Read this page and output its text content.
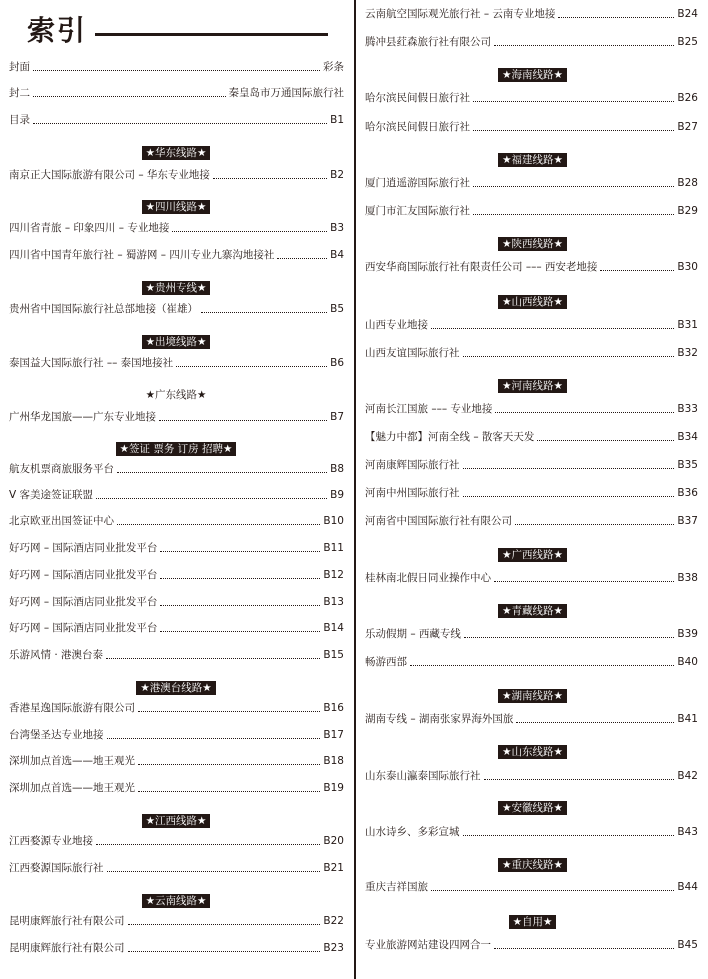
索引
封面	彩条
封二	秦皇岛市万通国际旅行社
目录	B1
★华东线路★
南京正大国际旅游有限公司 – 华东专业地接	B2
★四川线路★
四川省青旅 – 印象四川 – 专业地接	B3
四川省中国青年旅行社 – 蜀游网 – 四川专业九寨沟地接社	B4
★贵州专线★
贵州省中国国际旅行社总部地接（崔雄）	B5
★出境线路★
泰国益大国际旅行社 –– 泰国地接社	B6
★广东线路★
广州华龙国旅——广东专业地接	B7
★签证 票务 订房 招聘★
航友机票商旅服务平台	B8
V 客美途签证联盟	B9
北京欧亚出国签证中心	B10
好巧网 – 国际酒店同业批发平台	B11
好巧网 – 国际酒店同业批发平台	B12
好巧网 – 国际酒店同业批发平台	B13
好巧网 – 国际酒店同业批发平台	B14
乐游风情 · 港澳台泰	B15
★港澳台线路★
香港星逸国际旅游有限公司	B16
台湾堡圣达专业地接	B17
深圳加点首选——地王观光	B18
深圳加点首选——地王观光	B19
★江西线路★
江西婺源专业地接	B20
江西婺源国际旅行社	B21
★云南线路★
昆明康辉旅行社有限公司	B22
昆明康辉旅行社有限公司	B23
云南航空国际观光旅行社 – 云南专业地接	B24
腾冲县荭森旅行社有限公司	B25
★海南线路★
哈尔滨民间假日旅行社	B26
哈尔滨民间假日旅行社	B27
★福建线路★
厦门逍遥游国际旅行社	B28
厦门市汇友国际旅行社	B29
★陕西线路★
西安华商国际旅行社有限责任公司 ––– 西安老地接	B30
★山西线路★
山西专业地接	B31
山西友谊国际旅行社	B32
★河南线路★
河南长江国旅 ––– 专业地接	B33
【魅力中都】河南全线 – 散客天天发	B34
河南康辉国际旅行社	B35
河南中州国际旅行社	B36
河南省中国国际旅行社有限公司	B37
★广西线路★
桂林南北假日同业操作中心	B38
★青藏线路★
乐动假期 – 西藏专线	B39
畅游西部	B40
★湖南线路★
湖南专线 – 湖南张家界海外国旅	B41
★山东线路★
山东泰山瀛泰国际旅行社	B42
★安徽线路★
山水诗乡、多彩宣城	B43
★重庆线路★
重庆吉祥国旅	B44
★自用★
专业旅游网站建设四网合一	B45
